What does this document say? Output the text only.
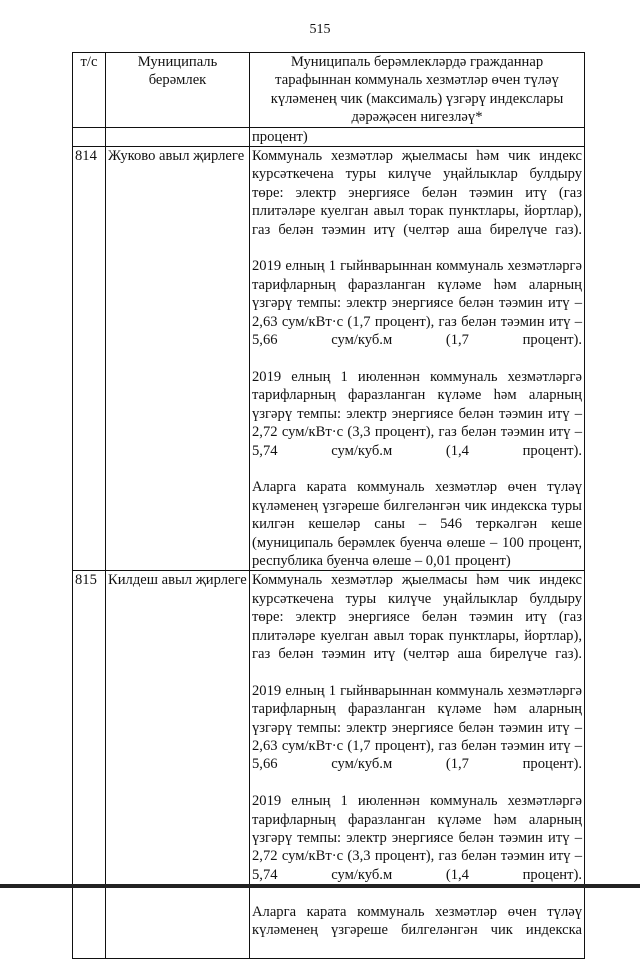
515
т/с	Муниципаль берәмлек	Муниципаль берәмлекләрдә гражданнар тарафыннан коммуналь хезмәтләр өчен түләү күләменең чик (максималь) үзгәрү индекслары дәрәҗәсен нигезләү*
		процент)
814	Жуково авыл җирлеге	Коммуналь хезмәтләр җыелмасы һәм чик индекс курсәткечена туры килүче уңайлыклар булдыру төре: электр энергиясе белән тәэмин итү (газ плитәләре куелган авыл торак пунктлары, йортлар), газ белән тәэмин итү (челтәр аша бирелүче газ).
2019 елның 1 гыйнварыннан коммуналь хезмәтләргә тарифларның фаразланган күләме һәм аларның үзгәрү темпы: электр энергиясе белән тәэмин итү – 2,63 сум/кВт·с (1,7 процент), газ белән тәэмин итү – 5,66 сум/куб.м (1,7 процент).
2019 елның 1 июленнән коммуналь хезмәтләргә тарифларның фаразланган күләме һәм аларның үзгәрү темпы: электр энергиясе белән тәэмин итү – 2,72 сум/кВт·с (3,3 процент), газ белән тәэмин итү – 5,74 сум/куб.м (1,4 процент).
Аларга карата коммуналь хезмәтләр өчен түләү күләменең үзгәреше билгеләнгән чик индекска туры килгән кешеләр саны – 546 теркәлгән кеше (муниципаль берәмлек буенча өлеше – 100 процент, республика буенча өлеше – 0,01 процент)

815	Килдеш авыл җирлеге	Коммуналь хезмәтләр җыелмасы һәм чик индекс курсәткечена туры килүче уңайлыклар булдыру төре: электр энергиясе белән тәэмин итү (газ плитәләре куелган авыл торак пунктлары, йортлар), газ белән тәэмин итү (челтәр аша бирелүче газ).
2019 елның 1 гыйнварыннан коммуналь хезмәтләргә тарифларның фаразланган күләме һәм аларның үзгәрү темпы: электр энергиясе белән тәэмин итү – 2,63 сум/кВт·с (1,7 процент), газ белән тәэмин итү – 5,66 сум/куб.м (1,7 процент).
2019 елның 1 июленнән коммуналь хезмәтләргә тарифларның фаразланган күләме һәм аларның үзгәрү темпы: электр энергиясе белән тәэмин итү – 2,72 сум/кВт·с (3,3 процент), газ белән тәэмин итү – 5,74 сум/куб.м (1,4 процент).
Аларга карата коммуналь хезмәтләр өчен түләү күләменең үзгәреше билгеләнгән чик индекска
